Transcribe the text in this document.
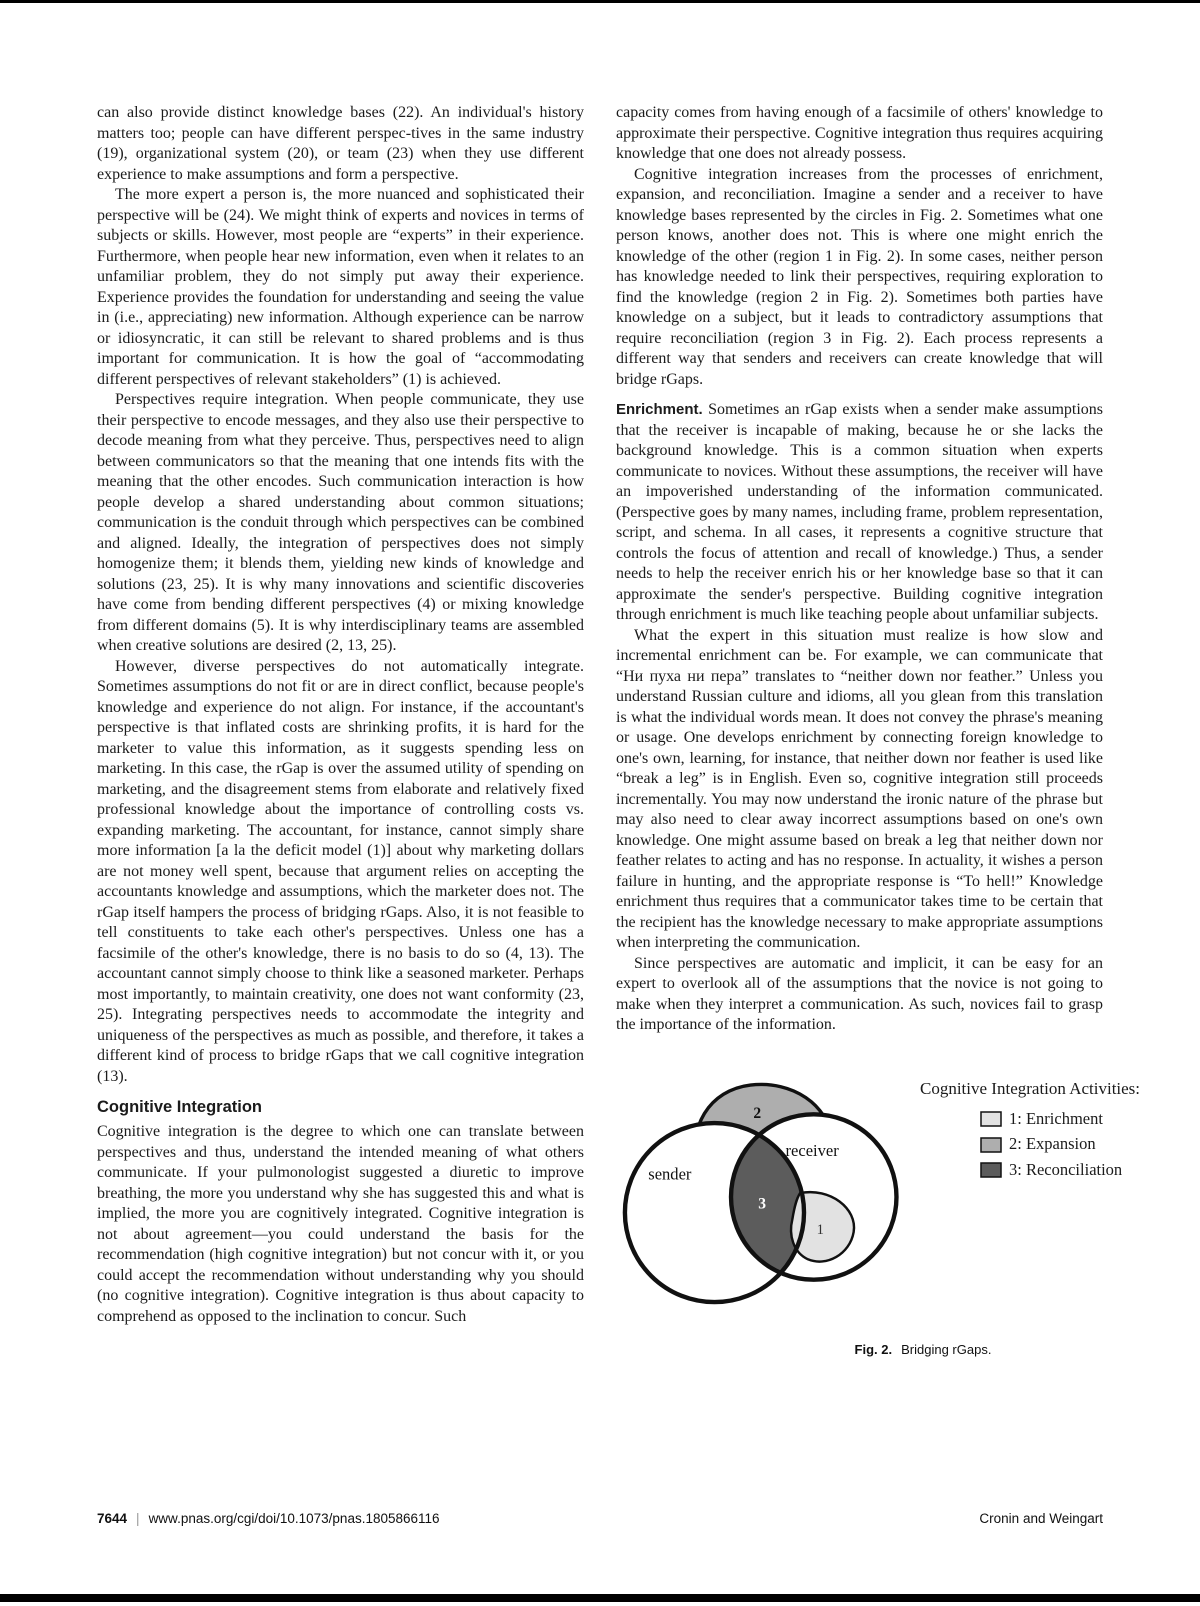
can also provide distinct knowledge bases (22). An individual's history matters too; people can have different perspec-tives in the same industry (19), organizational system (20), or team (23) when they use different experience to make assumptions and form a perspective.

The more expert a person is, the more nuanced and sophisticated their perspective will be (24). We might think of experts and novices in terms of subjects or skills. However, most people are “experts” in their experience. Furthermore, when people hear new information, even when it relates to an unfamiliar problem, they do not simply put away their experience. Experience provides the foundation for understanding and seeing the value in (i.e., appreciating) new information. Although experience can be narrow or idiosyncratic, it can still be relevant to shared problems and is thus important for communication. It is how the goal of “accommodating different perspectives of relevant stakeholders” (1) is achieved.

Perspectives require integration. When people communicate, they use their perspective to encode messages, and they also use their perspective to decode meaning from what they perceive. Thus, perspectives need to align between communicators so that the meaning that one intends fits with the meaning that the other encodes. Such communication interaction is how people develop a shared understanding about common situations; communication is the conduit through which perspectives can be combined and aligned. Ideally, the integration of perspectives does not simply homogenize them; it blends them, yielding new kinds of knowledge and solutions (23, 25). It is why many innovations and scientific discoveries have come from bending different perspectives (4) or mixing knowledge from different domains (5). It is why interdisciplinary teams are assembled when creative solutions are desired (2, 13, 25).

However, diverse perspectives do not automatically integrate. Sometimes assumptions do not fit or are in direct conflict, because people's knowledge and experience do not align. For instance, if the accountant's perspective is that inflated costs are shrinking profits, it is hard for the marketer to value this information, as it suggests spending less on marketing. In this case, the rGap is over the assumed utility of spending on marketing, and the disagreement stems from elaborate and relatively fixed professional knowledge about the importance of controlling costs vs. expanding marketing. The accountant, for instance, cannot simply share more information [a la the deficit model (1)] about why marketing dollars are not money well spent, because that argument relies on accepting the accountants knowledge and assumptions, which the marketer does not. The rGap itself hampers the process of bridging rGaps. Also, it is not feasible to tell constituents to take each other's perspectives. Unless one has a facsimile of the other's knowledge, there is no basis to do so (4, 13). The accountant cannot simply choose to think like a seasoned marketer. Perhaps most importantly, to maintain creativity, one does not want conformity (23, 25). Integrating perspectives needs to accommodate the integrity and uniqueness of the perspectives as much as possible, and therefore, it takes a different kind of process to bridge rGaps that we call cognitive integration (13).

Cognitive Integration

Cognitive integration is the degree to which one can translate between perspectives and thus, understand the intended meaning of what others communicate. If your pulmonologist suggested a diuretic to improve breathing, the more you understand why she has suggested this and what is implied, the more you are cognitively integrated. Cognitive integration is not about agreement—you could understand the basis for the recommendation (high cognitive integration) but not concur with it, or you could accept the recommendation without understanding why you should (no cognitive integration). Cognitive integration is thus about capacity to comprehend as opposed to the inclination to concur. Such

capacity comes from having enough of a facsimile of others' knowledge to approximate their perspective. Cognitive integration thus requires acquiring knowledge that one does not already possess.

Cognitive integration increases from the processes of enrichment, expansion, and reconciliation. Imagine a sender and a receiver to have knowledge bases represented by the circles in Fig. 2. Sometimes what one person knows, another does not. This is where one might enrich the knowledge of the other (region 1 in Fig. 2). In some cases, neither person has knowledge needed to link their perspectives, requiring exploration to find the knowledge (region 2 in Fig. 2). Sometimes both parties have knowledge on a subject, but it leads to contradictory assumptions that require reconciliation (region 3 in Fig. 2). Each process represents a different way that senders and receivers can create knowledge that will bridge rGaps.

Enrichment. Sometimes an rGap exists when a sender make assumptions that the receiver is incapable of making, because he or she lacks the background knowledge. This is a common situation when experts communicate to novices. Without these assumptions, the receiver will have an impoverished understanding of the information communicated. (Perspective goes by many names, including frame, problem representation, script, and schema. In all cases, it represents a cognitive structure that controls the focus of attention and recall of knowledge.) Thus, a sender needs to help the receiver enrich his or her knowledge base so that it can approximate the sender's perspective. Building cognitive integration through enrichment is much like teaching people about unfamiliar subjects.

What the expert in this situation must realize is how slow and incremental enrichment can be. For example, we can communicate that “Ни пуха ни пера” translates to “neither down nor feather.” Unless you understand Russian culture and idioms, all you glean from this translation is what the individual words mean. It does not convey the phrase's meaning or usage. One develops enrichment by connecting foreign knowledge to one's own, learning, for instance, that neither down nor feather is used like “break a leg” is in English. Even so, cognitive integration still proceeds incrementally. You may now understand the ironic nature of the phrase but may also need to clear away incorrect assumptions based on one's own knowledge. One might assume based on break a leg that neither down nor feather relates to acting and has no response. In actuality, it wishes a person failure in hunting, and the appropriate response is “To hell!” Knowledge enrichment thus requires that a communicator takes time to be certain that the recipient has the knowledge necessary to make appropriate assumptions when interpreting the communication.

Since perspectives are automatic and implicit, it can be easy for an expert to overlook all of the assumptions that the novice is not going to make when they interpret a communication. As such, novices fail to grasp the importance of the information.

2
receiver
sender
3
1
Cognitive Integration Activities:
1: Enrichment
2: Expansion
3: Reconciliation
Fig. 2. Bridging rGaps.
7644 | www.pnas.org/cgi/doi/10.1073/pnas.1805866116	Cronin and Weingart
